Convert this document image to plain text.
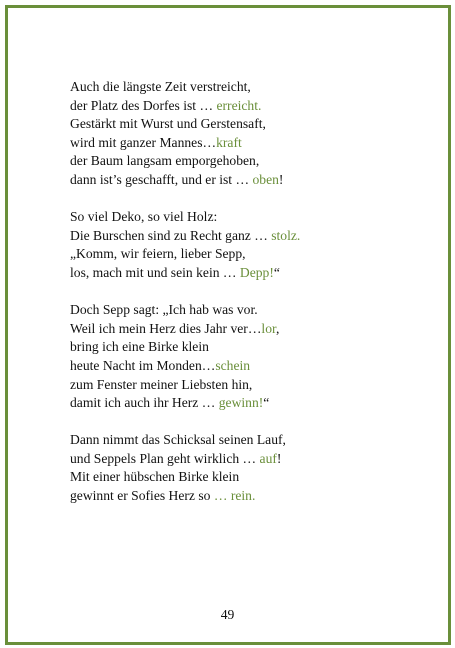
Auch die längste Zeit verstreicht,
der Platz des Dorfes ist … erreicht.
Gestärkt mit Wurst und Gerstensaft,
wird mit ganzer Mannes…kraft
der Baum langsam emporgehoben,
dann ist’s geschafft, und er ist … oben!
So viel Deko, so viel Holz:
Die Burschen sind zu Recht ganz … stolz.
„Komm, wir feiern, lieber Sepp,
los, mach mit und sein kein … Depp!“
Doch Sepp sagt: „Ich hab was vor.
Weil ich mein Herz dies Jahr ver…lor,
bring ich eine Birke klein
heute Nacht im Monden…schein
zum Fenster meiner Liebsten hin,
damit ich auch ihr Herz … gewinn!“
Dann nimmt das Schicksal seinen Lauf,
und Seppels Plan geht wirklich … auf!
Mit einer hübschen Birke klein
gewinnt er Sofies Herz so … rein.
49
